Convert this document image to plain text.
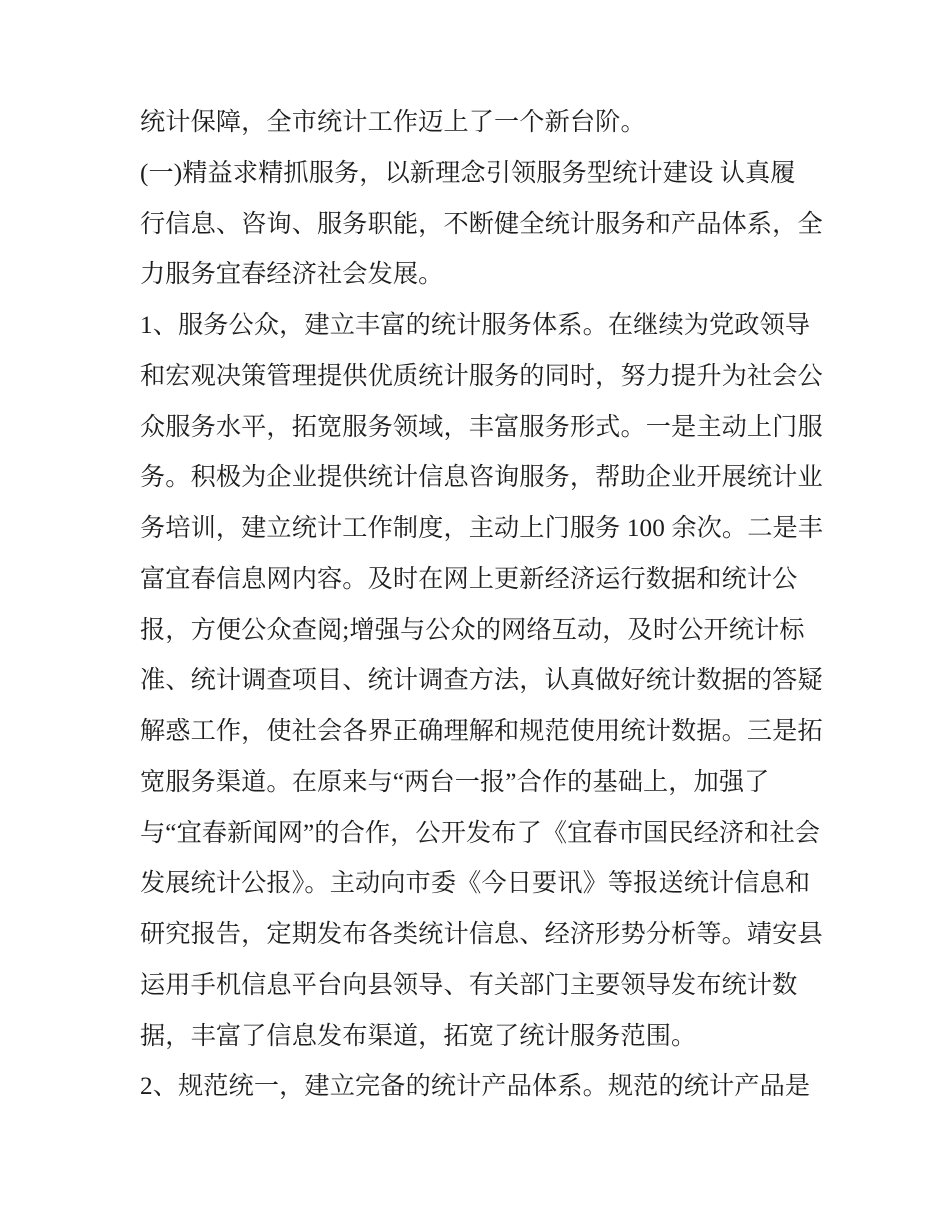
统计保障，全市统计工作迈上了一个新台阶。
(一)精益求精抓服务，以新理念引领服务型统计建设 认真履
行信息、咨询、服务职能，不断健全统计服务和产品体系，全
力服务宜春经济社会发展。
1、服务公众，建立丰富的统计服务体系。在继续为党政领导
和宏观决策管理提供优质统计服务的同时，努力提升为社会公
众服务水平，拓宽服务领域，丰富服务形式。一是主动上门服
务。积极为企业提供统计信息咨询服务，帮助企业开展统计业
务培训，建立统计工作制度，主动上门服务 100 余次。二是丰
富宜春信息网内容。及时在网上更新经济运行数据和统计公
报，方便公众查阅;增强与公众的网络互动，及时公开统计标
准、统计调查项目、统计调查方法，认真做好统计数据的答疑
解惑工作，使社会各界正确理解和规范使用统计数据。三是拓
宽服务渠道。在原来与“两台一报”合作的基础上，加强了
与“宜春新闻网”的合作，公开发布了《宜春市国民经济和社会
发展统计公报》。主动向市委《今日要讯》等报送统计信息和
研究报告，定期发布各类统计信息、经济形势分析等。靖安县
运用手机信息平台向县领导、有关部门主要领导发布统计数
据，丰富了信息发布渠道，拓宽了统计服务范围。
2、规范统一，建立完备的统计产品体系。规范的统计产品是
